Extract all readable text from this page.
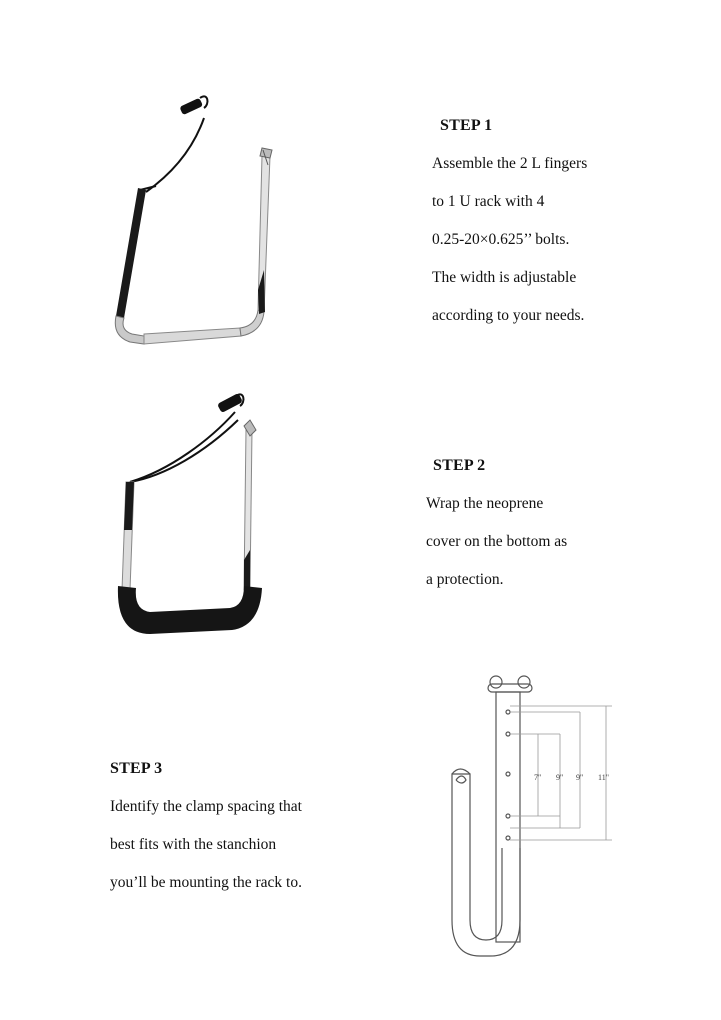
STEP 1
Assemble the 2 L fingers
to 1 U rack with 4
0.25-20×0.625’’ bolts.
The width is adjustable
according to your needs.
STEP 2
Wrap the neoprene
cover on the bottom as
a protection.
STEP 3
Identify the clamp spacing that
best fits with the stanchion
you’ll be mounting the rack to.
7" 9" 9" 11"
